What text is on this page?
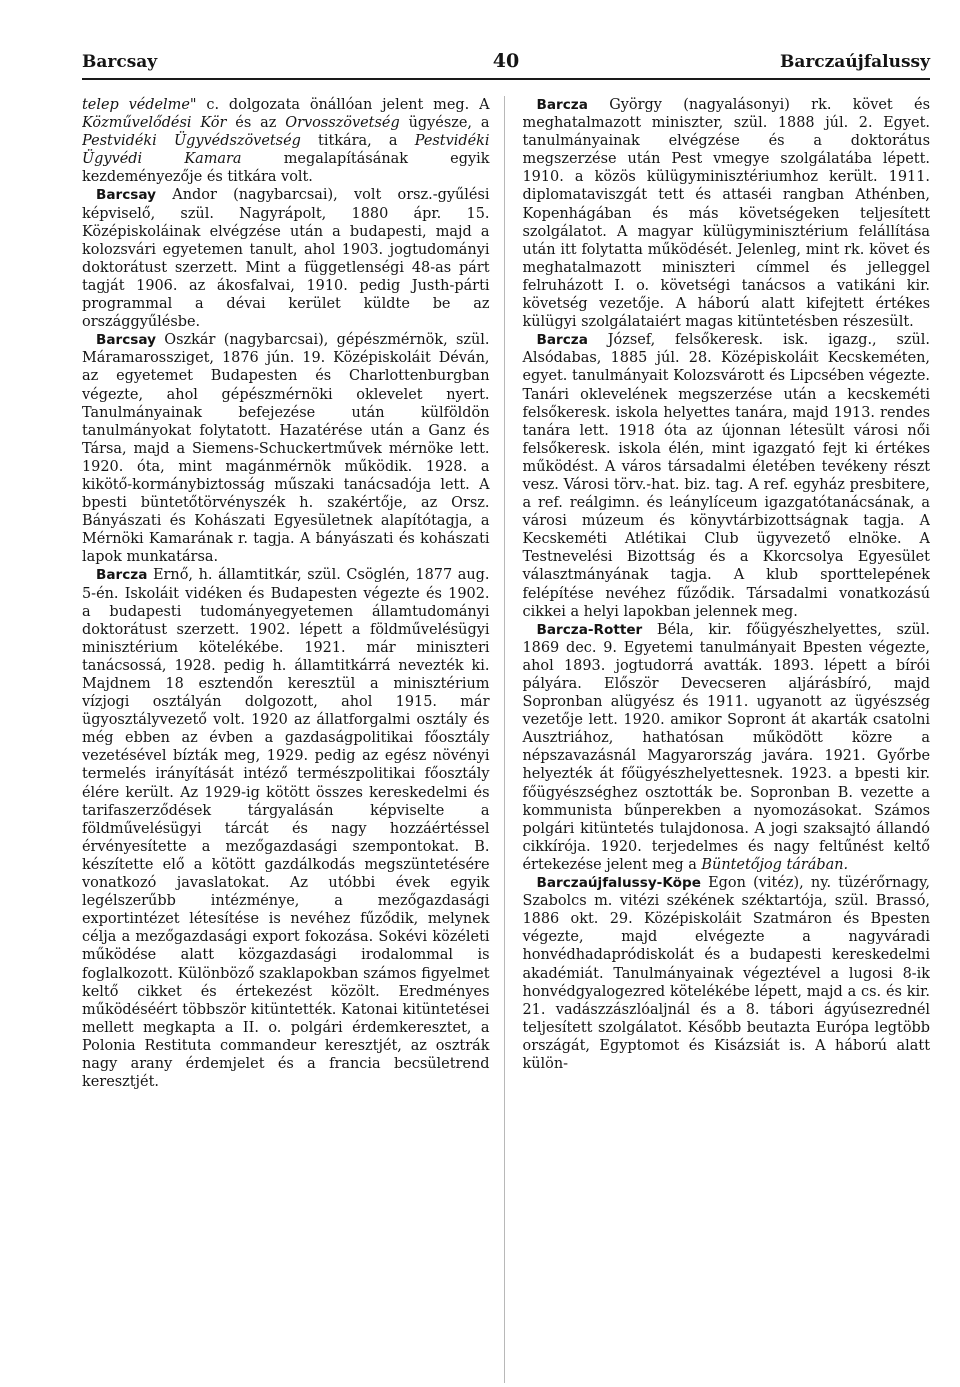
Barcsay	40	Barczaújfalussy

telep védelme" c. dolgozata önállóan jelent meg. A Közművelődési Kör és az Orvosszövetség ügyésze, a Pestvidéki Ügyvédszövetség titkára, a Pestvidéki Ügyvédi Kamara megalapításának egyik kezdeményezője és titkára volt.

Barcsay Andor (nagybarcsai), volt orsz.-gyűlési képviselő, szül. Nagyrápolt, 1880 ápr. 15. Középiskoláinak elvégzése után a budapesti, majd a kolozsvári egyetemen tanult, ahol 1903. jogtudományi doktorátust szerzett. Mint a függetlenségi 48-as párt tagját 1906. az ákosfalvai, 1910. pedig Justh-párti programmal a dévai kerület küldte be az országgyűlésbe.

Barcsay Oszkár (nagybarcsai), gépészmérnök, szül. Máramarossziget, 1876 jún. 19. Középiskoláit Déván, az egyetemet Budapesten és Charlottenburgban végezte, ahol gépészmérnöki oklevelet nyert. Tanulmányainak befejezése után külföldön tanulmányokat folytatott. Hazatérése után a Ganz és Társa, majd a Siemens-Schuckertművek mérnöke lett. 1920. óta, mint magánmérnök működik. 1928. a kikötő-kormánybiztosság műszaki tanácsadója lett. A bpesti büntetőtörvényszék h. szakértője, az Orsz. Bányászati és Kohászati Egyesületnek alapítótagja, a Mérnöki Kamarának r. tagja. A bányászati és kohászati lapok munkatársa.

Barcza Ernő, h. államtitkár, szül. Csöglén, 1877 aug. 5-én. Iskoláit vidéken és Budapesten végezte és 1902. a budapesti tudományegyetemen államtudományi doktorátust szerzett. 1902. lépett a földművelésügyi minisztérium kötelékébe. 1921. már miniszteri tanácsossá, 1928. pedig h. államtitkárrá nevezték ki. Majdnem 18 esztendőn keresztül a minisztérium vízjogi osztályán dolgozott, ahol 1915. már ügyosztályvezető volt. 1920 az állatforgalmi osztály és még ebben az évben a gazdaságpolitikai főosztály vezetésével bízták meg, 1929. pedig az egész növényi termelés irányítását intéző természpolitikai főosztály élére került. Az 1929-ig kötött összes kereskedelmi és tarifaszerződések tárgyalásán képviselte a földművelésügyi tárcát és nagy hozzáértéssel érvényesítette a mezőgazdasági szempontokat. B. készítette elő a kötött gazdálkodás megszüntetésére vonatkozó javaslatokat. Az utóbbi évek egyik legélszerűbb intézménye, a mezőgazdasági exportintézet létesítése is nevéhez fűződik, melynek célja a mezőgazdasági export fokozása. Sokévi közéleti működése alatt közgazdasági irodalommal is foglalkozott. Különböző szaklapokban számos figyelmet keltő cikket és értekezést közölt. Eredményes működéséért többször kitüntették. Katonai kitüntetései mellett megkapta a II. o. polgári érdemkeresztet, a Polonia Restituta commandeur keresztjét, az osztrák nagy arany érdemjelet és a francia becsületrend keresztjét.

Barcza György (nagyalásonyi) rk. követ és meghatalmazott miniszter, szül. 1888 júl. 2. Egyet. tanulmányainak elvégzése és a doktorátus megszerzése után Pest vmegye szolgálatába lépett. 1910. a közös külügyminisztériumhoz került. 1911. diplomataviszgát tett és attaséi rangban Athénben, Kopenhágában és más követségeken teljesített szolgálatot. A magyar külügyminisztérium felállítása után itt folytatta működését. Jelenleg, mint rk. követ és meghatalmazott miniszteri címmel és jelleggel felruházott I. o. követségi tanácsos a vatikáni kir. követség vezetője. A háború alatt kifejtett értékes külügyi szolgálataiért magas kitüntetésben részesült.

Barcza József, felsőkeresk. isk. igazg., szül. Alsódabas, 1885 júl. 28. Középiskoláit Kecskeméten, egyet. tanulmányait Kolozsvárott és Lipcsében végezte. Tanári oklevelének megszerzése után a kecskeméti felsőkeresk. iskola helyettes tanára, majd 1913. rendes tanára lett. 1918 óta az újonnan létesült városi női felsőkeresk. iskola élén, mint igazgató fejt ki értékes működést. A város társadalmi életében tevékeny részt vesz. Városi törv.-hat. biz. tag. A ref. egyház presbitere, a ref. reálgimn. és leánylíceum igazgatótanácsának, a városi múzeum és könyvtárbizottságnak tagja. A Kecskeméti Atlétikai Club ügyvezető elnöke. A Testnevelési Bizottság és a Kkorcsolya Egyesület választmányának tagja. A klub sporttelepének felépítése nevéhez fűződik. Társadalmi vonatkozású cikkei a helyi lapokban jelennek meg.

Barcza-Rotter Béla, kir. főügyészhelyettes, szül. 1869 dec. 9. Egyetemi tanulmányait Bpesten végezte, ahol 1893. jogtudorrá avatták. 1893. lépett a bírói pályára. Először Devecseren aljárásbíró, majd Sopronban alügyész és 1911. ugyanott az ügyészség vezetője lett. 1920. amikor Sopront át akarták csatolni Ausztriához, hathatósan működött közre a népszavazásnál Magyarország javára. 1921. Győrbe helyezték át főügyészhelyettesnek. 1923. a bpesti kir. főügyészséghez osztották be. Sopronban B. vezette a kommunista bűnperekben a nyomozásokat. Számos polgári kitüntetés tulajdonosa. A jogi szaksajtó állandó cikkírója. 1920. terjedelmes és nagy feltűnést keltő értekezése jelent meg a Büntetőjog tárában.

Barczaújfalussy-Köpe Egon (vitéz), ny. tüzérőrnagy, Szabolcs m. vitézi székének széktartója, szül. Brassó, 1886 okt. 29. Középiskoláit Szatmáron és Bpesten végezte, majd elvégezte a nagyváradi honvédhadapródiskolát és a budapesti kereskedelmi akadémiát. Tanulmányainak végeztével a lugosi 8-ik honvédgyalogezred kötelékébe lépett, majd a cs. és kir. 21. vadászzászlóaljnál és a 8. tábori ágyúsezrednél teljesített szolgálatot. Később beutazta Európa legtöbb országát, Egyptomot és Kisázsiát is. A háború alatt külön-
